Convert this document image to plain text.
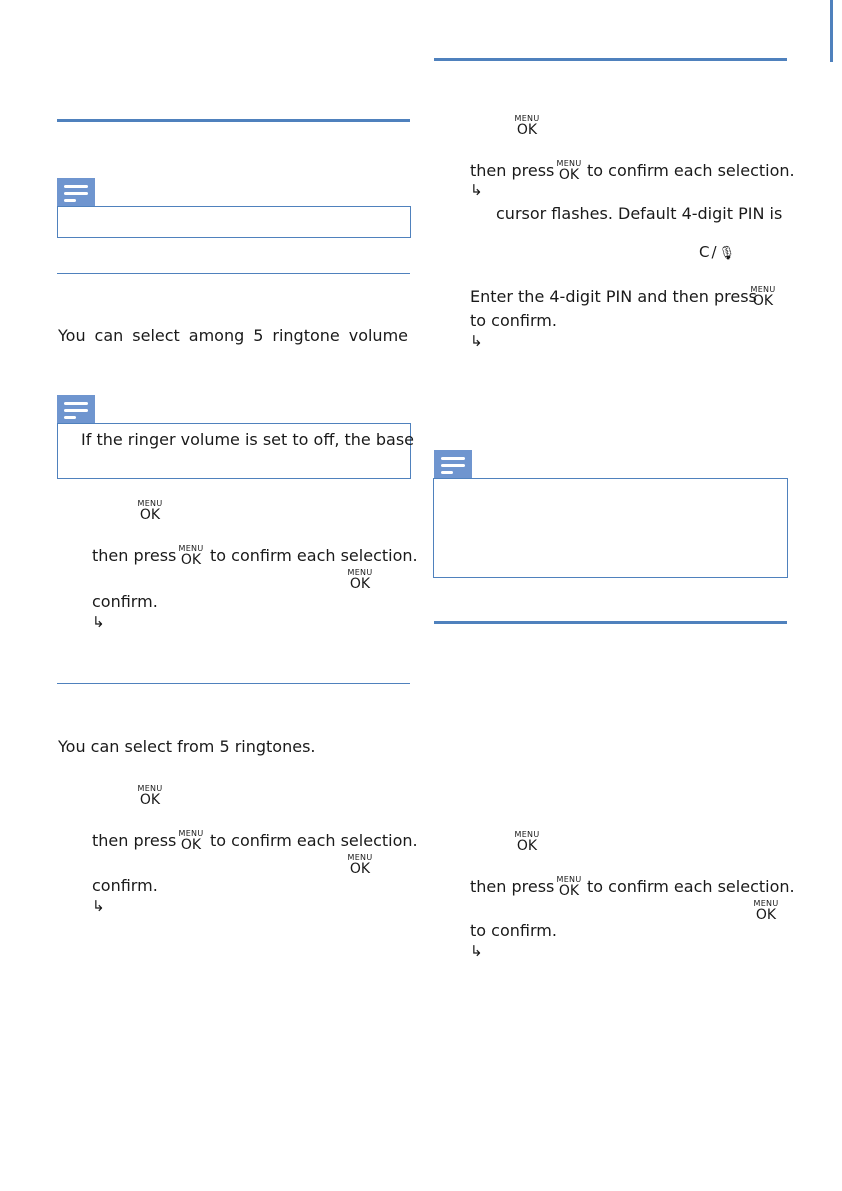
You can select among 5 ringtone volume
If the ringer volume is set to off, the base
MENU
OK
then press MENU
OK to confirm each selection.
MENU
OK
confirm.
↳
You can select from 5 ringtones.
MENU
OK
then press MENU
OK to confirm each selection.
MENU
OK
confirm.
↳
MENU
OK
then press MENU
OK to confirm each selection.
↳
cursor flashes. Default 4-digit PIN is
C / 🎙
Enter the 4-digit PIN and then press
MENU
OK
to confirm.
↳
MENU
OK
then press MENU
OK to confirm each selection.
MENU
OK
to confirm.
↳
